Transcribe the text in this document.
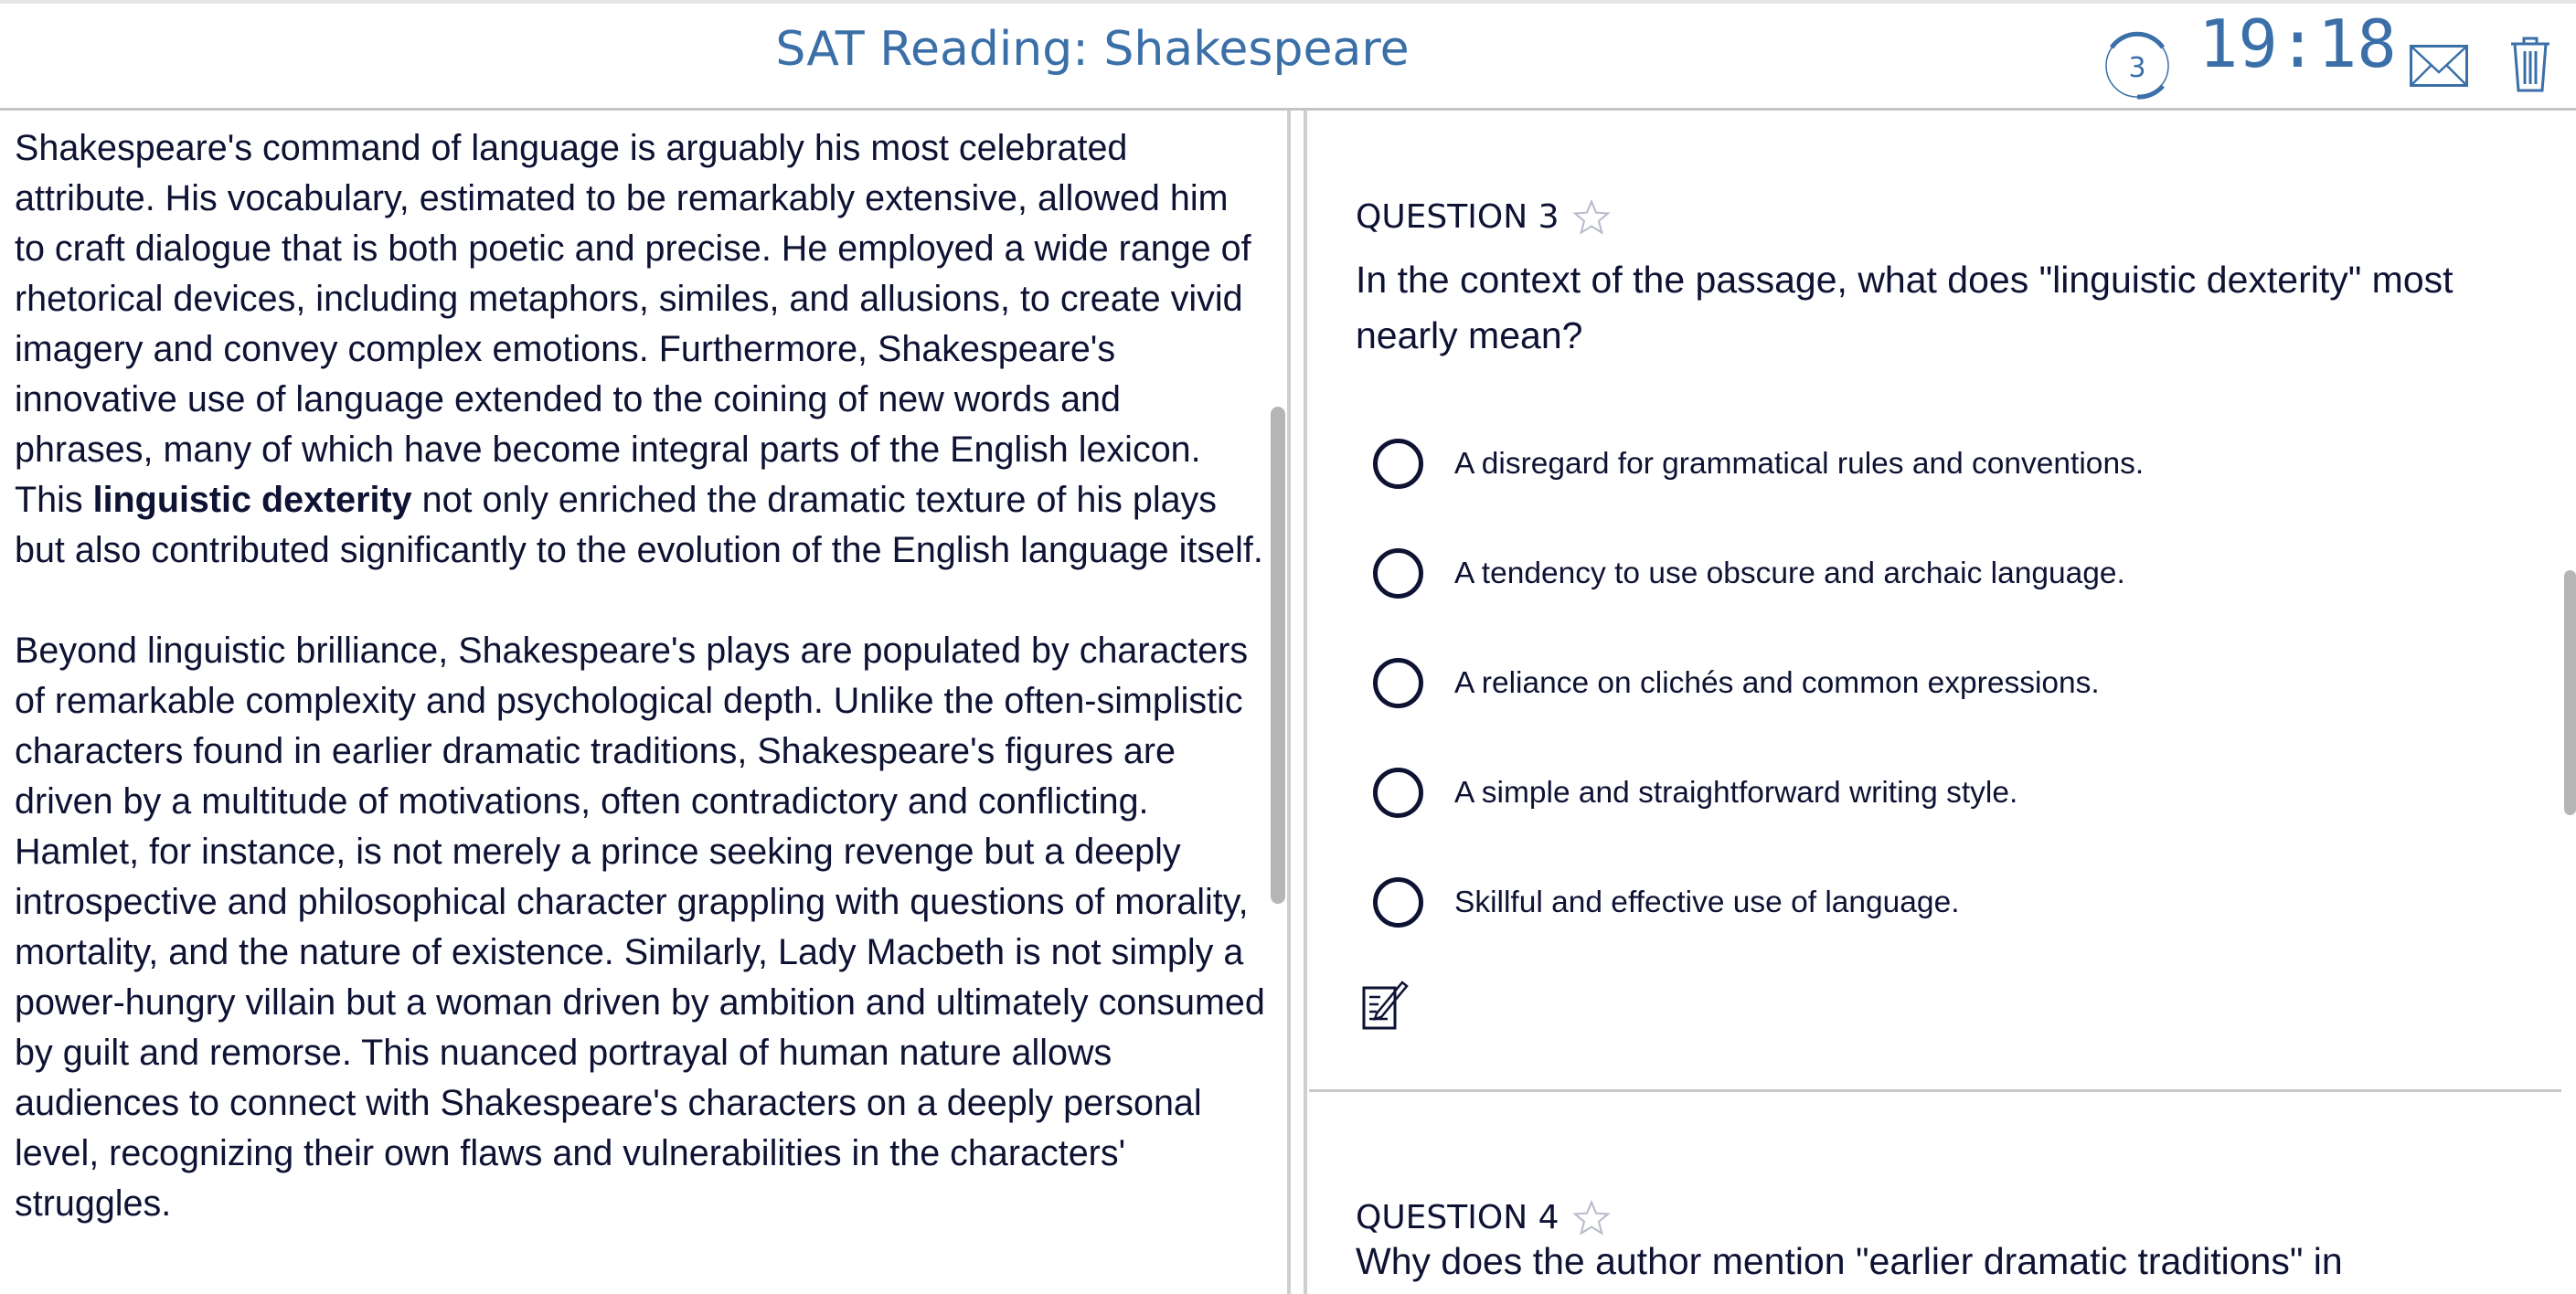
SAT Reading: Shakespeare	3 19:18

Shakespeare's command of language is arguably his most celebrated attribute. His vocabulary, estimated to be remarkably extensive, allowed him to craft dialogue that is both poetic and precise. He employed a wide range of rhetorical devices, including metaphors, similes, and allusions, to create vivid imagery and convey complex emotions. Furthermore, Shakespeare's innovative use of language extended to the coining of new words and phrases, many of which have become integral parts of the English lexicon. This linguistic dexterity not only enriched the dramatic texture of his plays but also contributed significantly to the evolution of the English language itself.

Beyond linguistic brilliance, Shakespeare's plays are populated by characters of remarkable complexity and psychological depth. Unlike the often-simplistic characters found in earlier dramatic traditions, Shakespeare's figures are driven by a multitude of motivations, often contradictory and conflicting. Hamlet, for instance, is not merely a prince seeking revenge but a deeply introspective and philosophical character grappling with questions of morality, mortality, and the nature of existence. Similarly, Lady Macbeth is not simply a power-hungry villain but a woman driven by ambition and ultimately consumed by guilt and remorse. This nuanced portrayal of human nature allows audiences to connect with Shakespeare's characters on a deeply personal level, recognizing their own flaws and vulnerabilities in the characters' struggles.

QUESTION 3
In the context of the passage, what does "linguistic dexterity" most nearly mean?
A disregard for grammatical rules and conventions.
A tendency to use obscure and archaic language.
A reliance on clichés and common expressions.
A simple and straightforward writing style.
Skillful and effective use of language.
QUESTION 4
Why does the author mention "earlier dramatic traditions" in
